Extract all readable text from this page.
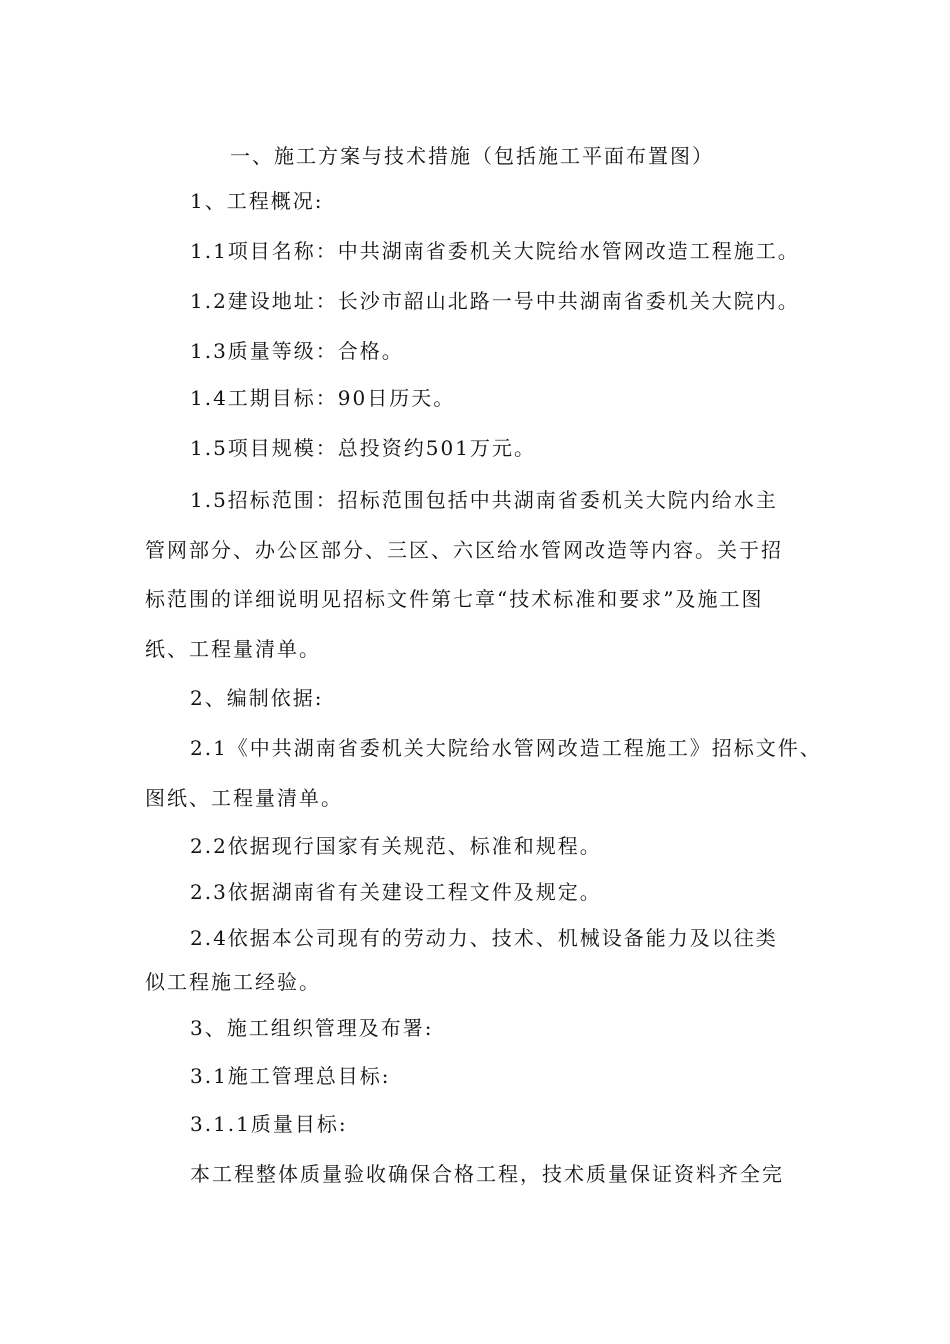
一、施工方案与技术措施（包括施工平面布置图）
1、工程概况:
1.1项目名称：中共湖南省委机关大院给水管网改造工程施工。
1.2建设地址：长沙市韶山北路一号中共湖南省委机关大院内。
1.3质量等级：合格。
1.4工期目标：90日历天。
1.5项目规模：总投资约501万元。
1.5招标范围：招标范围包括中共湖南省委机关大院内给水主
管网部分、办公区部分、三区、六区给水管网改造等内容。关于招
标范围的详细说明见招标文件第七章“技术标准和要求”及施工图
纸、工程量清单。
2、编制依据:
2.1《中共湖南省委机关大院给水管网改造工程施工》招标文件、
图纸、工程量清单。
2.2依据现行国家有关规范、标准和规程。
2.3依据湖南省有关建设工程文件及规定。
2.4依据本公司现有的劳动力、技术、机械设备能力及以往类
似工程施工经验。
3、施工组织管理及布署:
3.1施工管理总目标:
3.1.1质量目标:
本工程整体质量验收确保合格工程，技术质量保证资料齐全完
